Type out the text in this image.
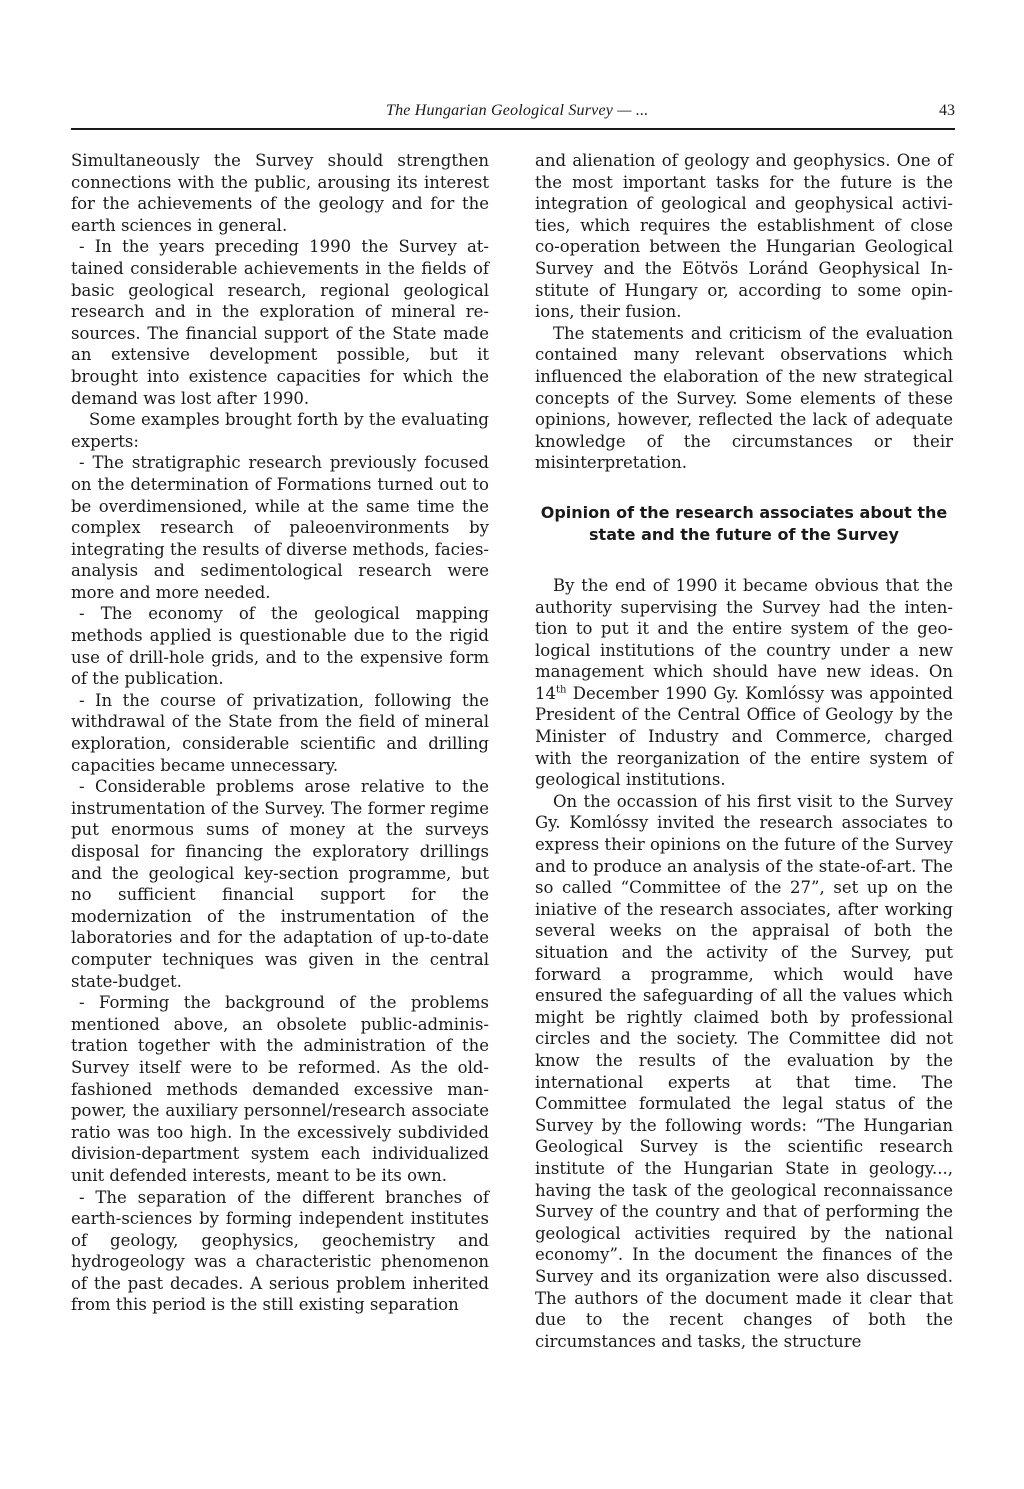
The Hungarian Geological Survey — ...	43

Simultaneously the Survey should strengthen connections with the public, arousing its interest for the achievements of the geology and for the earth sciences in general.

- In the years preceding 1990 the Survey attained considerable achievements in the fields of basic geological research, regional geological research and in the exploration of mineral resources. The financial support of the State made an extensive development possible, but it brought into existence capacities for which the demand was lost after 1990.

Some examples brought forth by the evaluating experts:

- The stratigraphic research previously focused on the determination of Formations turned out to be overdimensioned, while at the same time the complex research of paleoenvironments by integrating the results of diverse methods, facies-analysis and sedimentological research were more and more needed.

- The economy of the geological mapping methods applied is questionable due to the rigid use of drill-hole grids, and to the expensive form of the publication.

- In the course of privatization, following the withdrawal of the State from the field of mineral exploration, considerable scientific and drilling capacities became unnecessary.

- Considerable problems arose relative to the instrumentation of the Survey. The former regime put enormous sums of money at the surveys disposal for financing the exploratory drillings and the geological key-section programme, but no sufficient financial support for the modernization of the instrumentation of the laboratories and for the adaptation of up-to-date computer techniques was given in the central state-budget.

- Forming the background of the problems mentioned above, an obsolete public-administration together with the administration of the Survey itself were to be reformed. As the old-fashioned methods demanded excessive manpower, the auxiliary personnel/research associate ratio was too high. In the excessively subdivided division-department system each individualized unit defended interests, meant to be its own.

- The separation of the different branches of earth-sciences by forming independent institutes of geology, geophysics, geochemistry and hydrogeology was a characteristic phenomenon of the past decades. A serious problem inherited from this period is the still existing separation

and alienation of geology and geophysics. One of the most important tasks for the future is the integration of geological and geophysical activities, which requires the establishment of close co-operation between the Hungarian Geological Survey and the Eötvös Loránd Geophysical Institute of Hungary or, according to some opinions, their fusion.

The statements and criticism of the evaluation contained many relevant observations which influenced the elaboration of the new strategical concepts of the Survey. Some elements of these opinions, however, reflected the lack of adequate knowledge of the circumstances or their misinterpretation.

Opinion of the research associates about the state and the future of the Survey

By the end of 1990 it became obvious that the authority supervising the Survey had the intention to put it and the entire system of the geological institutions of the country under a new management which should have new ideas. On 14th December 1990 Gy. Komlóssy was appointed President of the Central Office of Geology by the Minister of Industry and Commerce, charged with the reorganization of the entire system of geological institutions.

On the occassion of his first visit to the Survey Gy. Komlóssy invited the research associates to express their opinions on the future of the Survey and to produce an analysis of the state-of-art. The so called “Committee of the 27”, set up on the iniative of the research associates, after working several weeks on the appraisal of both the situation and the activity of the Survey, put forward a programme, which would have ensured the safeguarding of all the values which might be rightly claimed both by professional circles and the society. The Committee did not know the results of the evaluation by the international experts at that time. The Committee formulated the legal status of the Survey by the following words: “The Hungarian Geological Survey is the scientific research institute of the Hungarian State in geology..., having the task of the geological reconnaissance Survey of the country and that of performing the geological activities required by the national economy”. In the document the finances of the Survey and its organization were also discussed. The authors of the document made it clear that due to the recent changes of both the circumstances and tasks, the structure
